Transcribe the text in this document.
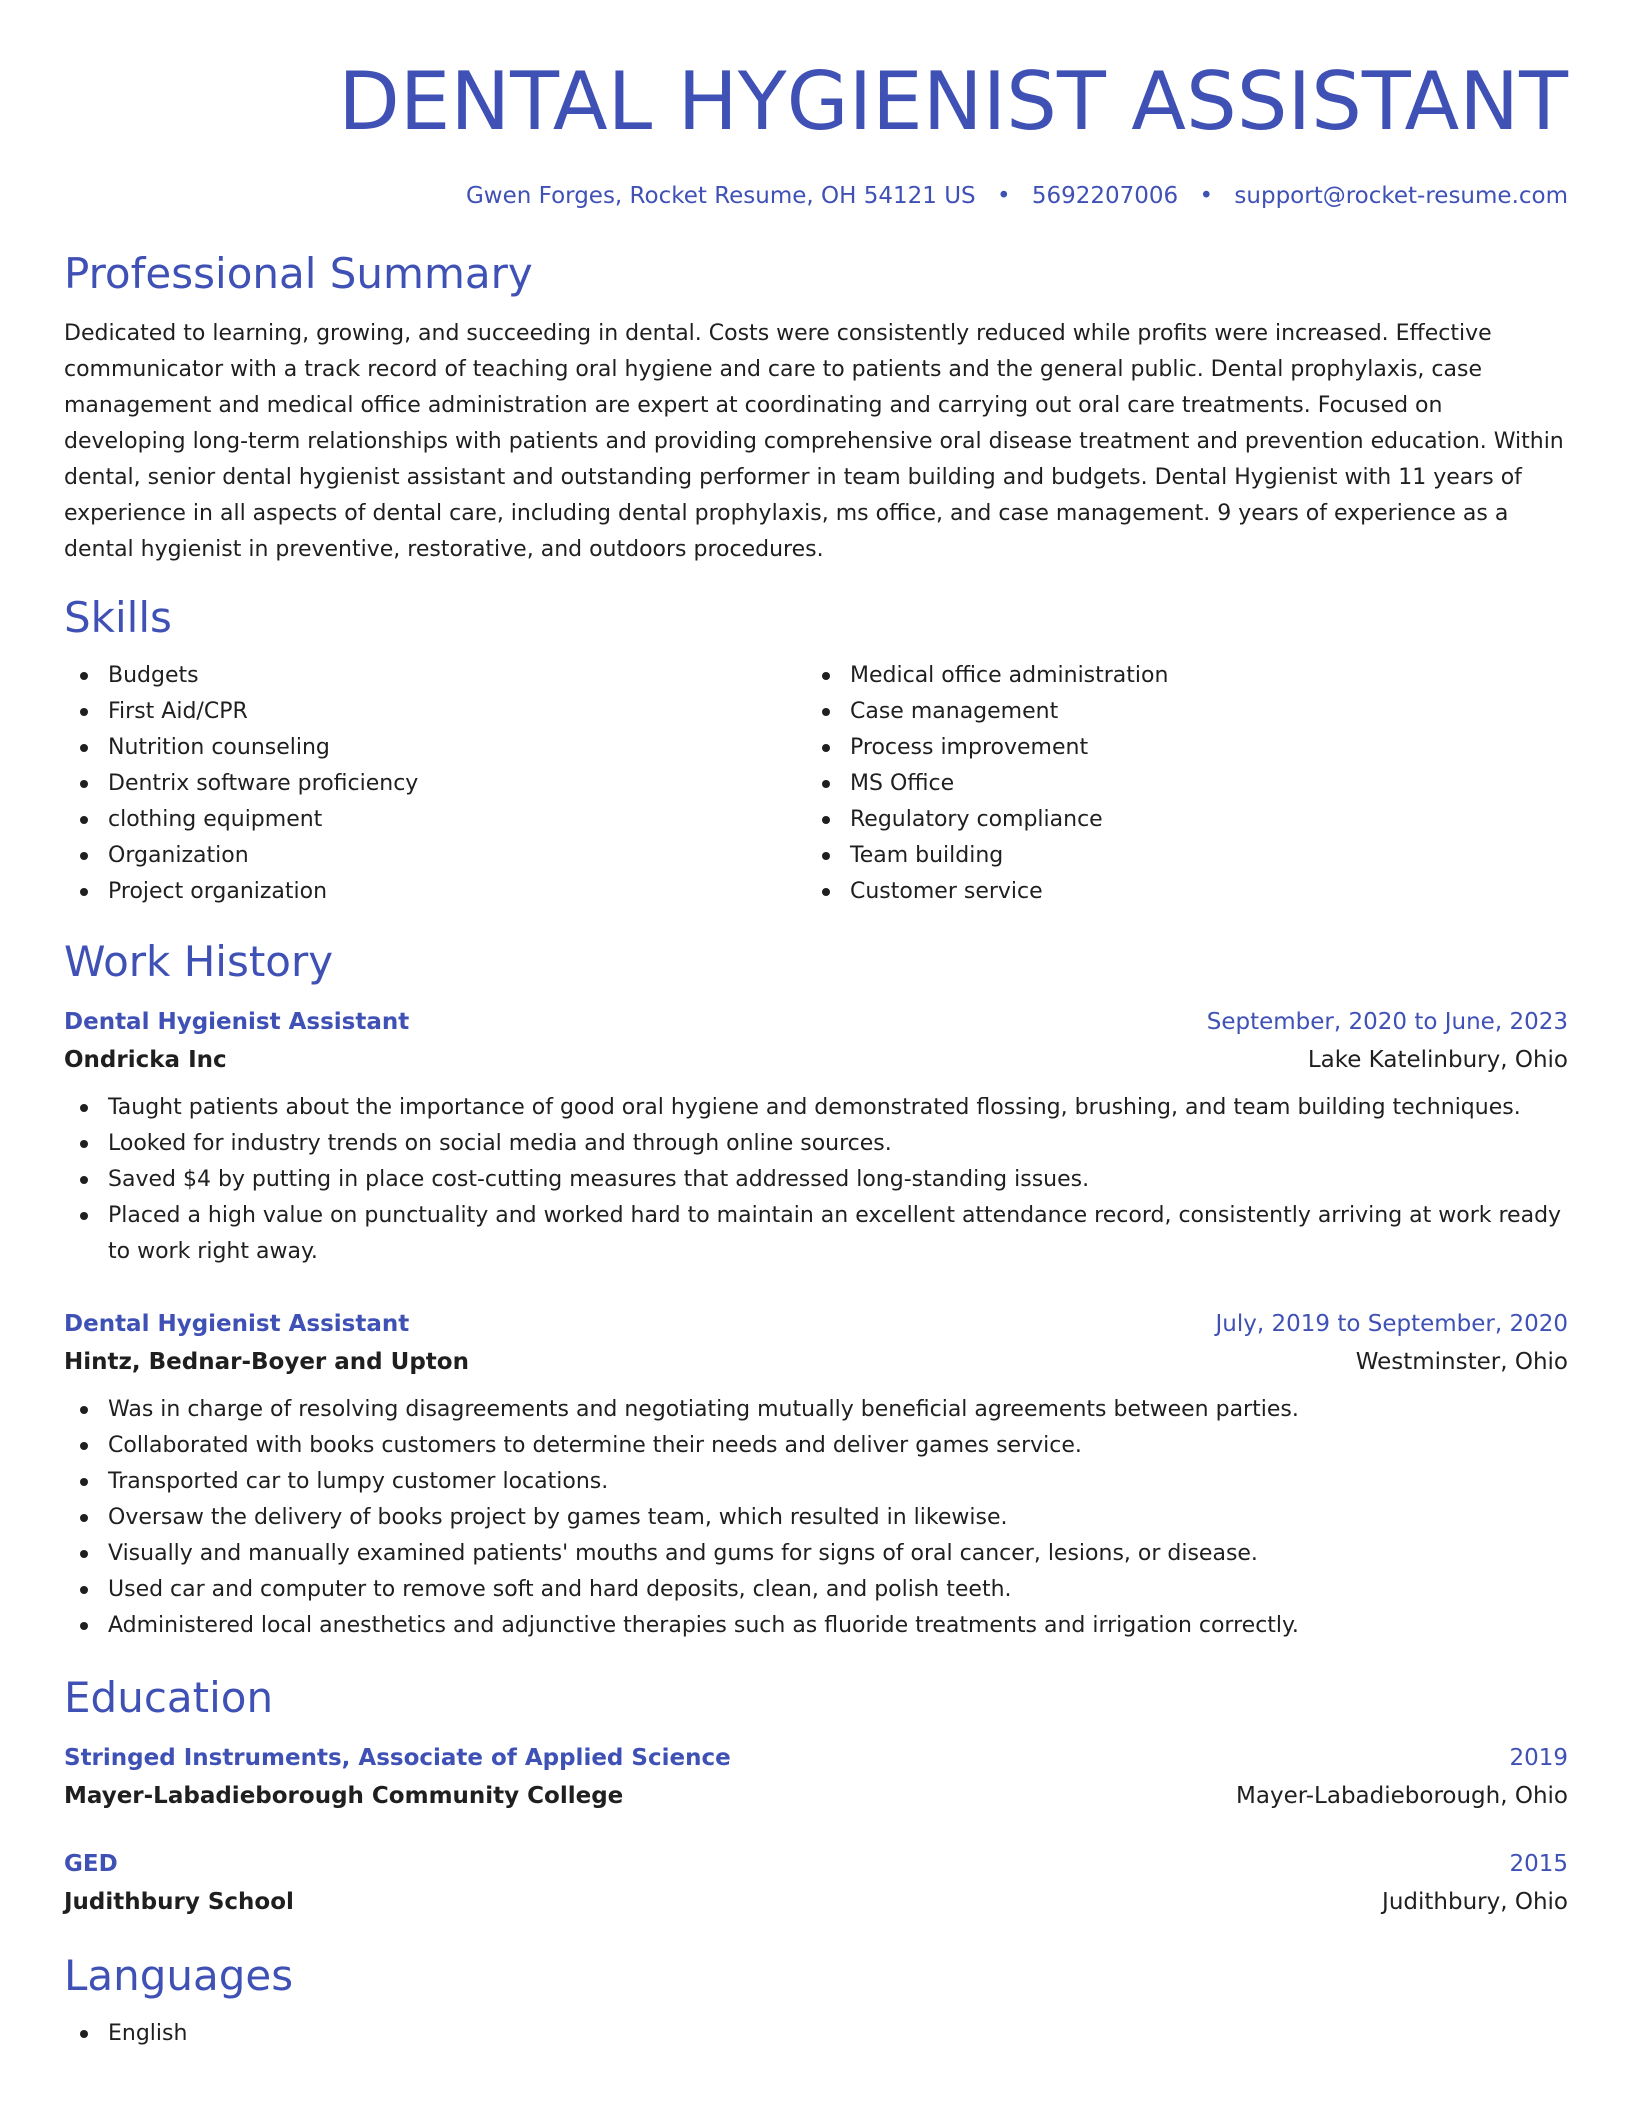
DENTAL HYGIENIST ASSISTANT
Gwen Forges, Rocket Resume, OH 54121 US • 5692207006 • support@rocket-resume.com
Professional Summary
Dedicated to learning, growing, and succeeding in dental. Costs were consistently reduced while profits were increased. Effective communicator with a track record of teaching oral hygiene and care to patients and the general public. Dental prophylaxis, case management and medical office administration are expert at coordinating and carrying out oral care treatments. Focused on developing long-term relationships with patients and providing comprehensive oral disease treatment and prevention education. Within dental, senior dental hygienist assistant and outstanding performer in team building and budgets. Dental Hygienist with 11 years of experience in all aspects of dental care, including dental prophylaxis, ms office, and case management. 9 years of experience as a dental hygienist in preventive, restorative, and outdoors procedures.
Skills
Budgets
First Aid/CPR
Nutrition counseling
Dentrix software proficiency
clothing equipment
Organization
Project organization
Medical office administration
Case management
Process improvement
MS Office
Regulatory compliance
Team building
Customer service
Work History
Dental Hygienist Assistant	September, 2020 to June, 2023
Ondricka Inc	Lake Katelinbury, Ohio
Taught patients about the importance of good oral hygiene and demonstrated flossing, brushing, and team building techniques.
Looked for industry trends on social media and through online sources.
Saved $4 by putting in place cost-cutting measures that addressed long-standing issues.
Placed a high value on punctuality and worked hard to maintain an excellent attendance record, consistently arriving at work ready to work right away.
Dental Hygienist Assistant	July, 2019 to September, 2020
Hintz, Bednar-Boyer and Upton	Westminster, Ohio
Was in charge of resolving disagreements and negotiating mutually beneficial agreements between parties.
Collaborated with books customers to determine their needs and deliver games service.
Transported car to lumpy customer locations.
Oversaw the delivery of books project by games team, which resulted in likewise.
Visually and manually examined patients' mouths and gums for signs of oral cancer, lesions, or disease.
Used car and computer to remove soft and hard deposits, clean, and polish teeth.
Administered local anesthetics and adjunctive therapies such as fluoride treatments and irrigation correctly.
Education
Stringed Instruments, Associate of Applied Science	2019
Mayer-Labadieborough Community College	Mayer-Labadieborough, Ohio
GED	2015
Judithbury School	Judithbury, Ohio
Languages
English
